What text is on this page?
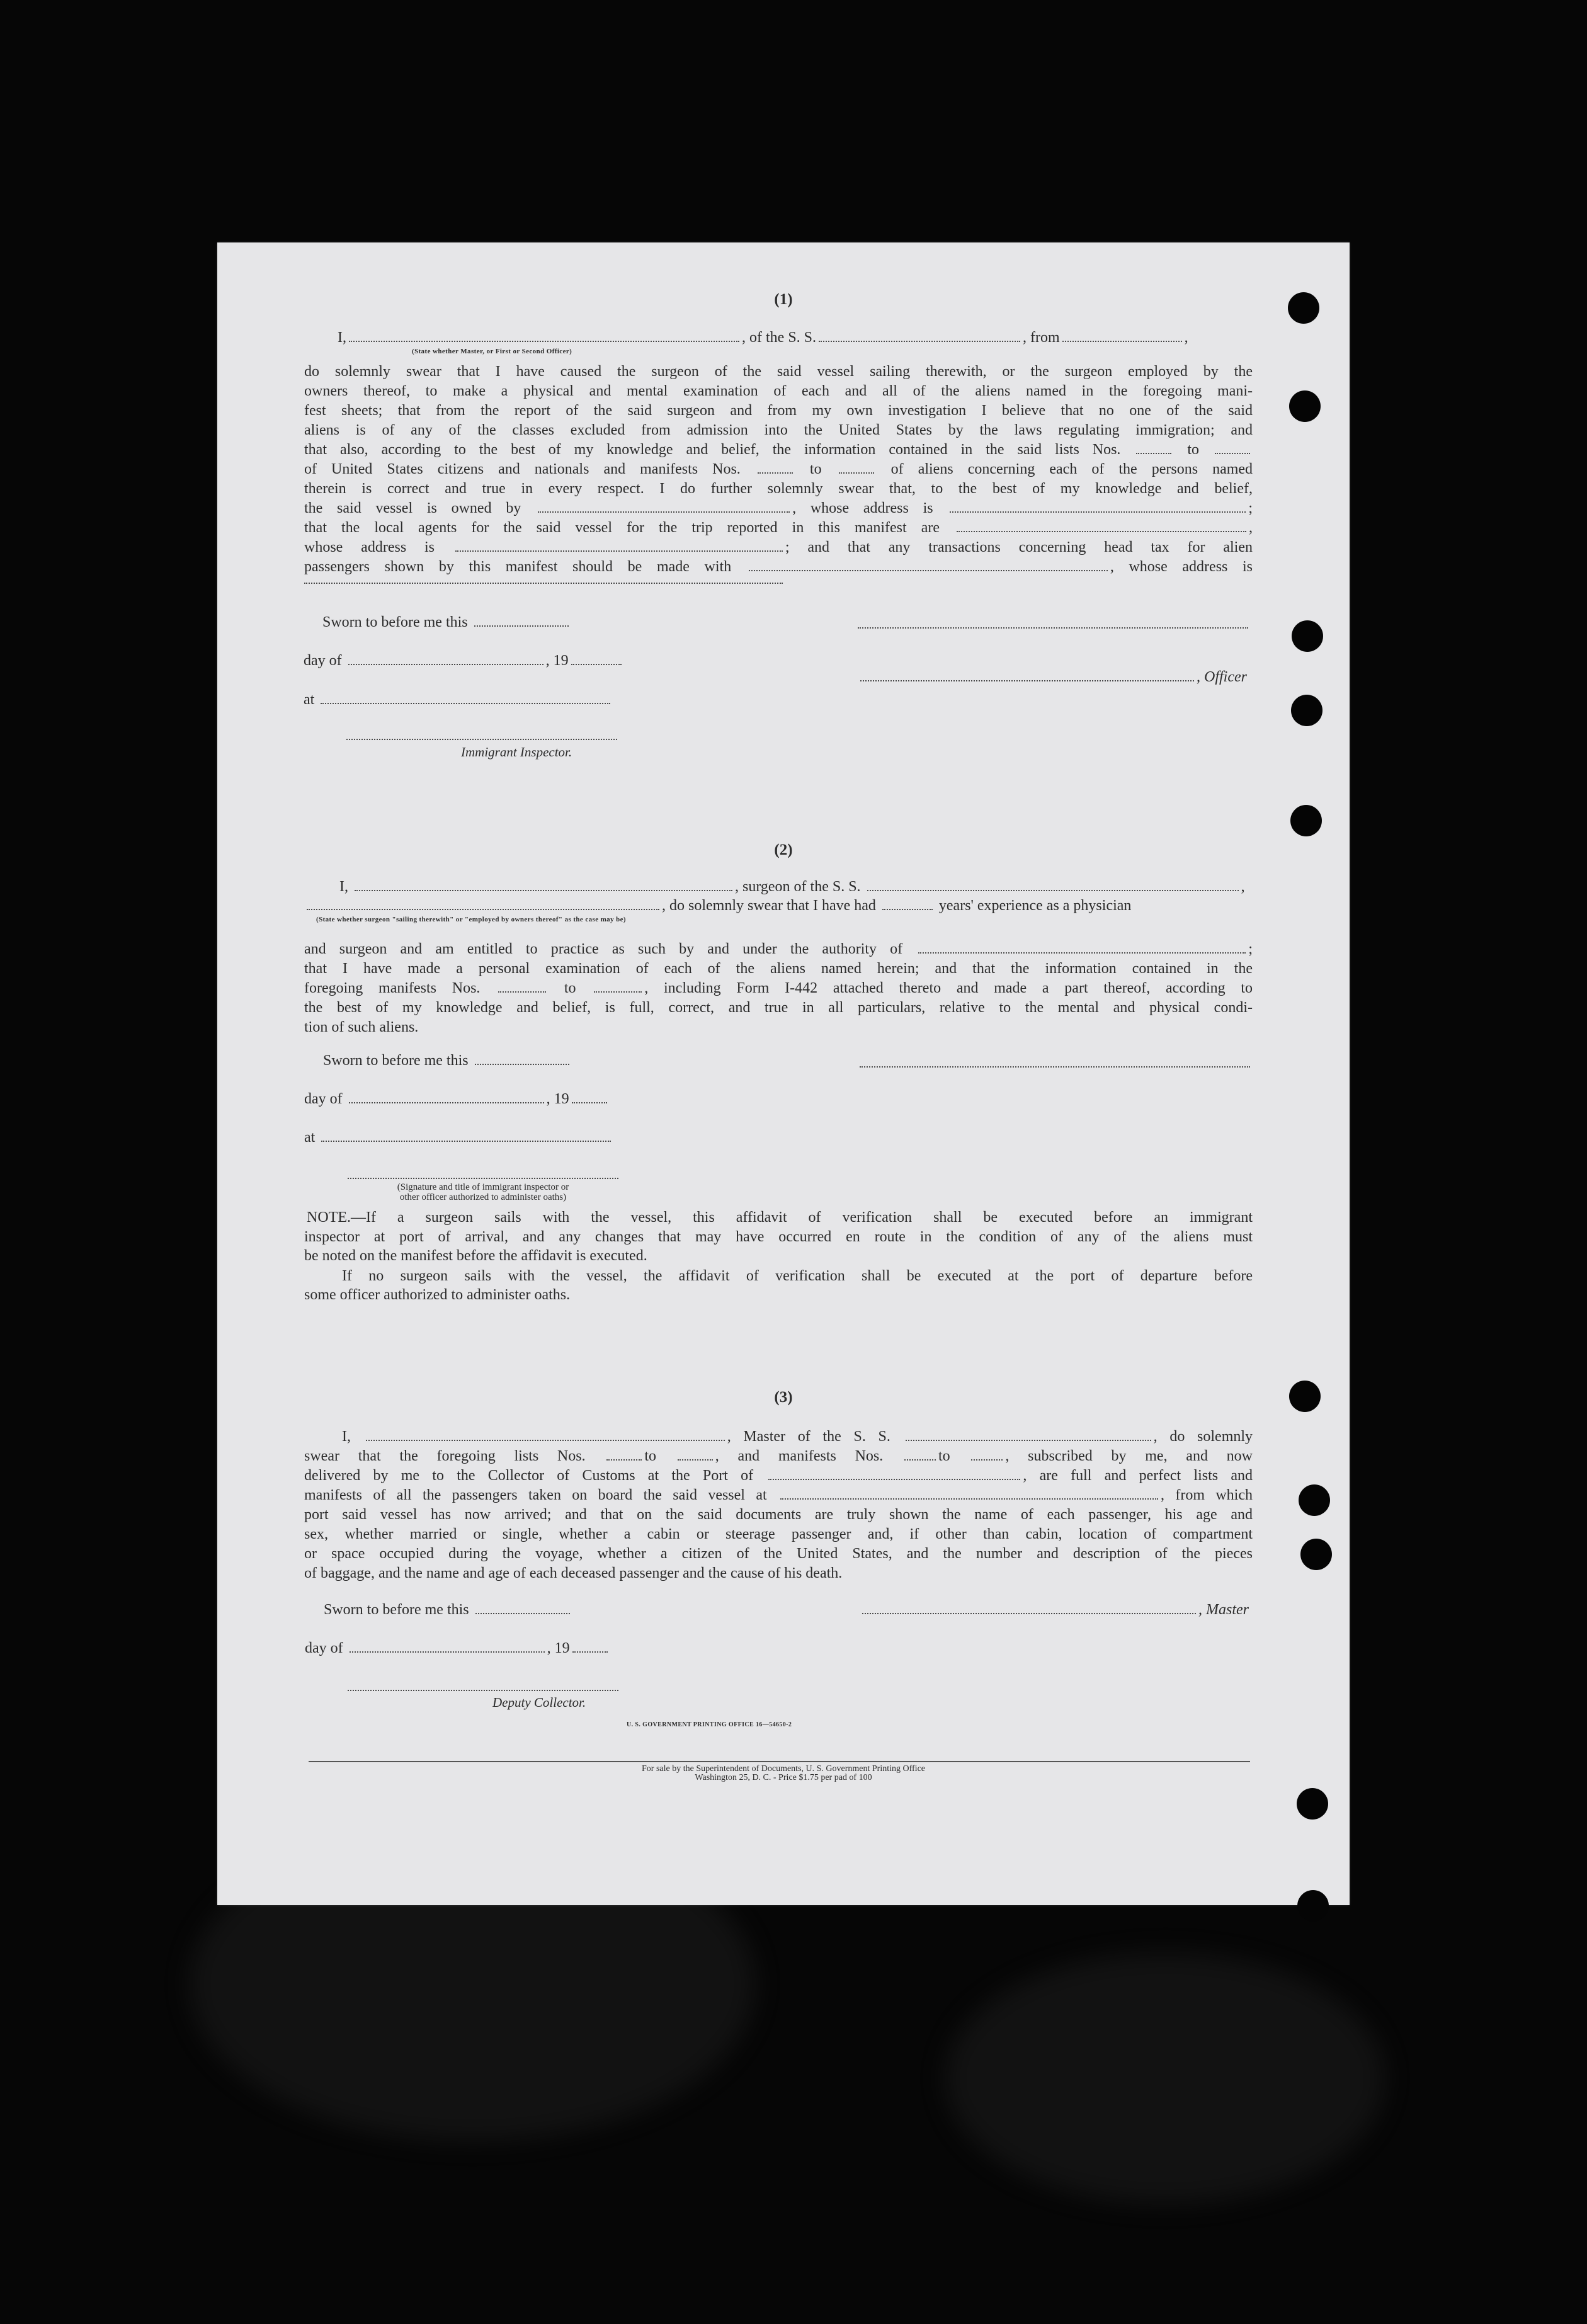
(1)
I,	, of the S. S.	, from	,
(State whether Master, or First or Second Officer)
do solemnly swear that I have caused the surgeon of the said vessel sailing therewith, or the surgeon employed by the
owners thereof, to make a physical and mental examination of each and all of the aliens named in the foregoing mani-
fest sheets; that from the report of the said surgeon and from my own investigation I believe that no one of the said
aliens is of any of the classes excluded from admission into the United States by the laws regulating immigration; and
that also, according to the best of my knowledge and belief, the information contained in the said lists Nos.	to
of United States citizens and nationals and manifests Nos.	to	of aliens concerning each of the persons named
therein is correct and true in every respect. I do further solemnly swear that, to the best of my knowledge and belief,
the said vessel is owned by	, whose address is	;
that the local agents for the said vessel for the trip reported in this manifest are	,
whose address is	; and that any transactions concerning head tax for alien
passengers shown by this manifest should be made with	, whose address is
Sworn to before me this
day of	, 19
, Officer
at
Immigrant Inspector.
(2)
I,	, surgeon of the S. S.	,
, do solemnly swear that I have had	years' experience as a physician
(State whether surgeon "sailing therewith" or "employed by owners thereof" as the case may be)
and surgeon and am entitled to practice as such by and under the authority of	;
that I have made a personal examination of each of the aliens named herein; and that the information contained in the
foregoing manifests Nos.	to	, including Form I-442 attached thereto and made a part thereof, according to
the best of my knowledge and belief, is full, correct, and true in all particulars, relative to the mental and physical condi-
tion of such aliens.
Sworn to before me this
day of	, 19
at
(Signature and title of immigrant inspector or
other officer authorized to administer oaths)
NOTE.—If a surgeon sails with the vessel, this affidavit of verification shall be executed before an immigrant
inspector at port of arrival, and any changes that may have occurred en route in the condition of any of the aliens must
be noted on the manifest before the affidavit is executed.
If no surgeon sails with the vessel, the affidavit of verification shall be executed at the port of departure before
some officer authorized to administer oaths.
(3)
I,	, Master of the S. S.	, do solemnly
swear that the foregoing lists Nos.	to	, and manifests Nos.	to	, subscribed by me, and now
delivered by me to the Collector of Customs at the Port of	, are full and perfect lists and
manifests of all the passengers taken on board the said vessel at	, from which
port said vessel has now arrived; and that on the said documents are truly shown the name of each passenger, his age and
sex, whether married or single, whether a cabin or steerage passenger and, if other than cabin, location of compartment
or space occupied during the voyage, whether a citizen of the United States, and the number and description of the pieces
of baggage, and the name and age of each deceased passenger and the cause of his death.
Sworn to before me this	, Master
day of	, 19
Deputy Collector.
U. S. GOVERNMENT PRINTING OFFICE 16—54650-2
For sale by the Superintendent of Documents, U. S. Government Printing Office
Washington 25, D. C. - Price $1.75 per pad of 100
